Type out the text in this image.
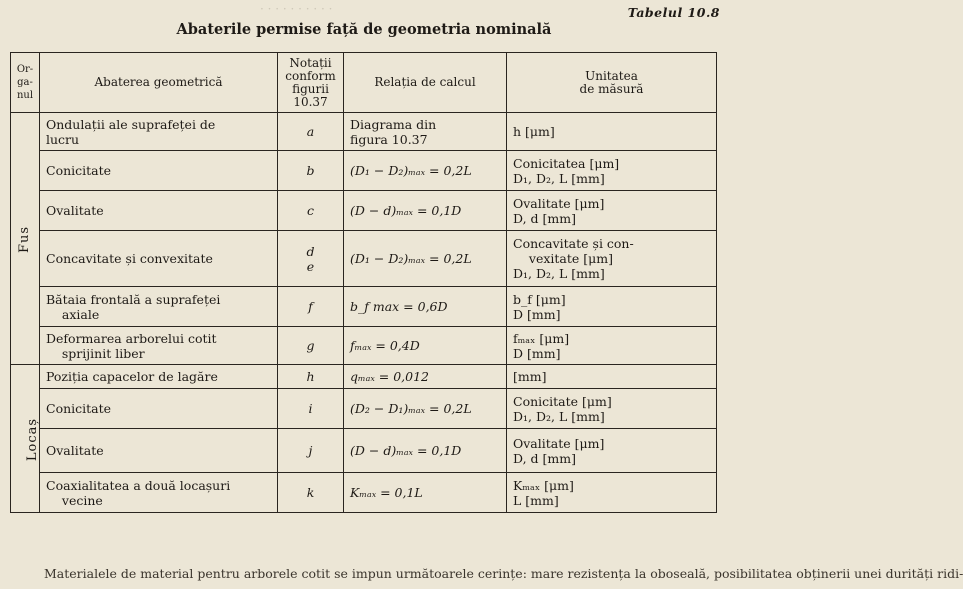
· · · · · · · · · ·	Tabelul 10.8
Abaterile permise față de geometria nominală
Or-
ga-
nul	Abaterea geometrică	Notații
conform
figurii
10.37	Relația de calcul	Unitatea
de măsură
Fus	Ondulații ale suprafeței de
lucru	a	Diagrama din
figura 10.37	h [μm]
	Conicitate	b	(D₁ − D₂)ₘₐₓ = 0,2L	Conicitatea [μm]
D₁, D₂, L [mm]
	Ovalitate	c	(D − d)ₘₐₓ = 0,1D	Ovalitate [μm]
D, d [mm]
	Concavitate și convexitate	d
e	(D₁ − D₂)ₘₐₓ = 0,2L	Concavitate și con-
vexitate [μm]
D₁, D₂, L [mm]
	Bătaia frontală a suprafeței
axiale	f	b_f max = 0,6D	b_f [μm]
D [mm]
	Deformarea arborelui cotit
sprijinit liber	g	fₘₐₓ = 0,4D	fₘₐₓ [μm]
D [mm]
Locaș	Poziția capacelor de lagăre	h	qₘₐₓ = 0,012	[mm]
	Conicitate	i	(D₂ − D₁)ₘₐₓ = 0,2L	Conicitate [μm]
D₁, D₂, L [mm]
	Ovalitate	j	(D − d)ₘₐₓ = 0,1D	Ovalitate [μm]
D, d [mm]
	Coaxialitatea a două locașuri
vecine	k	Kₘₐₓ = 0,1L	Kₘₐₓ [μm]
L [mm]
Materialele de material pentru arborele cotit se impun următoarele cerințe: mare rezistența la oboseală, posibilitatea obținerii unei durități ridi-
